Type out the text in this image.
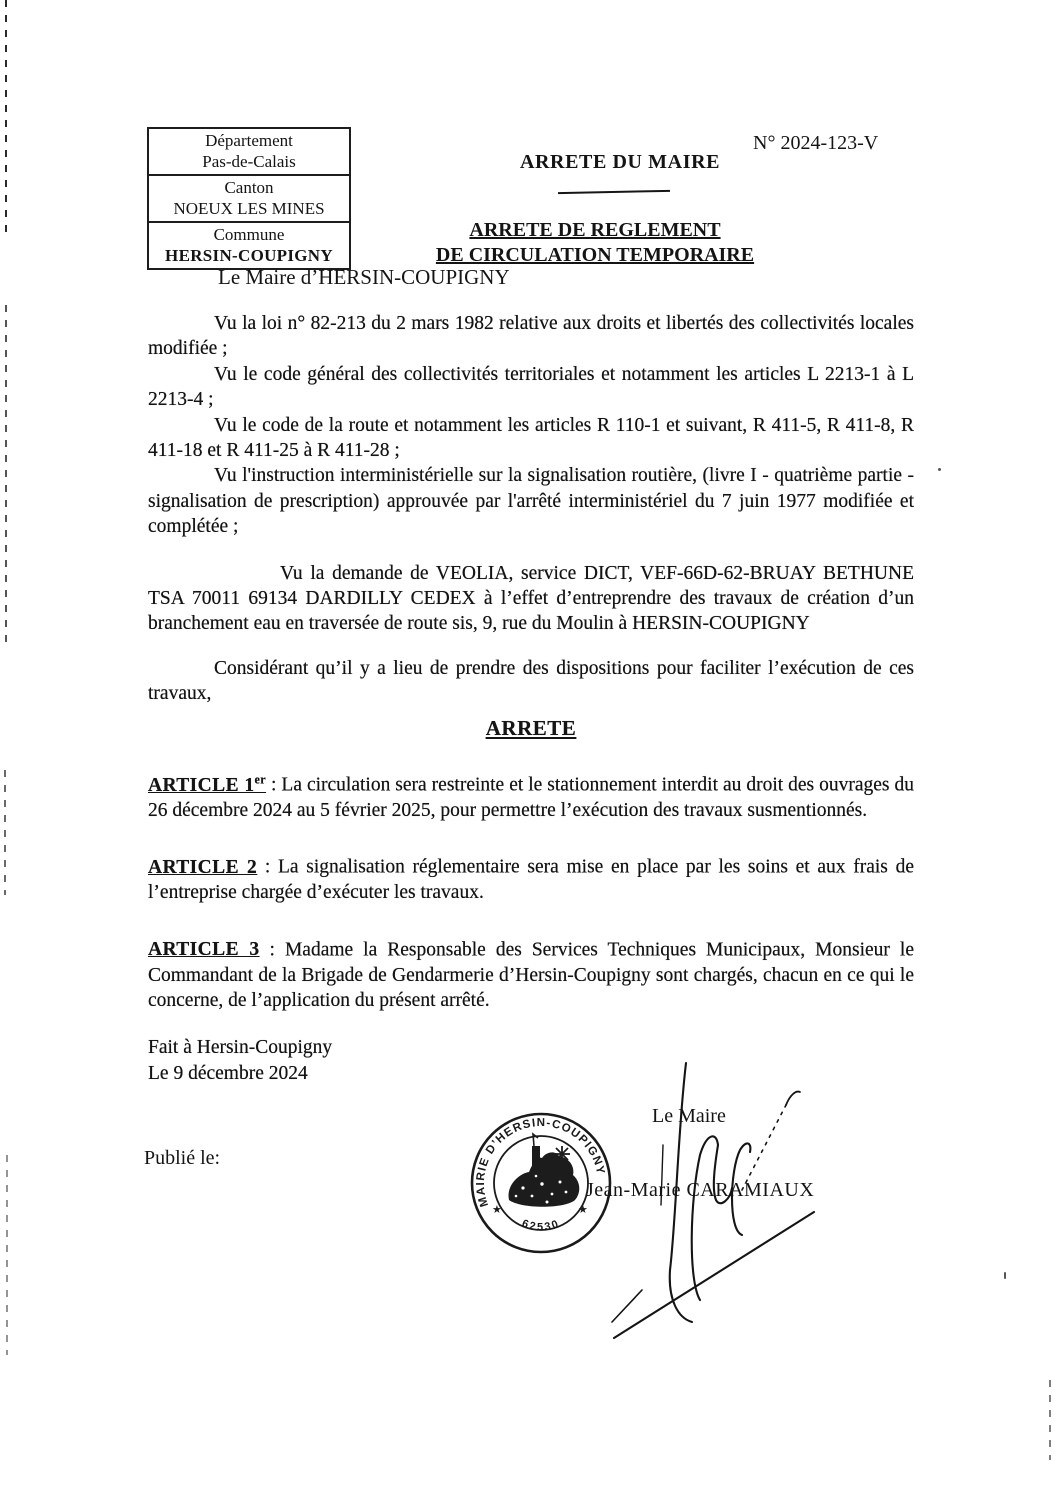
Département
Pas-de-Calais
Canton
NOEUX LES MINES
Commune
HERSIN-COUPIGNY
N° 2024-123-V
ARRETE DU MAIRE
ARRETE DE REGLEMENT
DE CIRCULATION TEMPORAIRE
Le Maire d’HERSIN-COUPIGNY

Vu la loi n° 82-213 du 2 mars 1982 relative aux droits et libertés des collectivités locales modifiée ;

Vu le code général des collectivités territoriales et notamment les articles L 2213-1 à L 2213-4 ;

Vu le code de la route et notamment les articles R 110-1 et suivant, R 411-5, R 411-8, R 411-18 et R 411-25 à R 411-28 ;

Vu l'instruction interministérielle sur la signalisation routière, (livre I - quatrième partie - signalisation de prescription) approuvée par l'arrêté interministériel du 7 juin 1977 modifiée et complétée ;

Vu la demande de VEOLIA, service DICT, VEF-66D-62-BRUAY BETHUNE TSA 70011 69134 DARDILLY CEDEX à l’effet d’entreprendre des travaux de création d’un branchement eau en traversée de route sis, 9, rue du Moulin à HERSIN-COUPIGNY

Considérant qu’il y a lieu de prendre des dispositions pour faciliter l’exécution de ces travaux,

ARRETE

ARTICLE 1er : La circulation sera restreinte et le stationnement interdit au droit des ouvrages du 26 décembre 2024 au 5 février 2025, pour permettre l’exécution des travaux susmentionnés.

ARTICLE 2 : La signalisation réglementaire sera mise en place par les soins et aux frais de l’entreprise chargée d’exécuter les travaux.

ARTICLE 3 : Madame la Responsable des Services Techniques Municipaux, Monsieur le Commandant de la Brigade de Gendarmerie d’Hersin-Coupigny sont chargés, chacun en ce qui le concerne, de l’application du présent arrêté.

Fait à Hersin-Coupigny
Le 9 décembre 2024

Le Maire
Publié le:
Jean-Marie CARAMIAUX
MAIRIE D’HERSIN-COUPIGNY
62530
★	★
